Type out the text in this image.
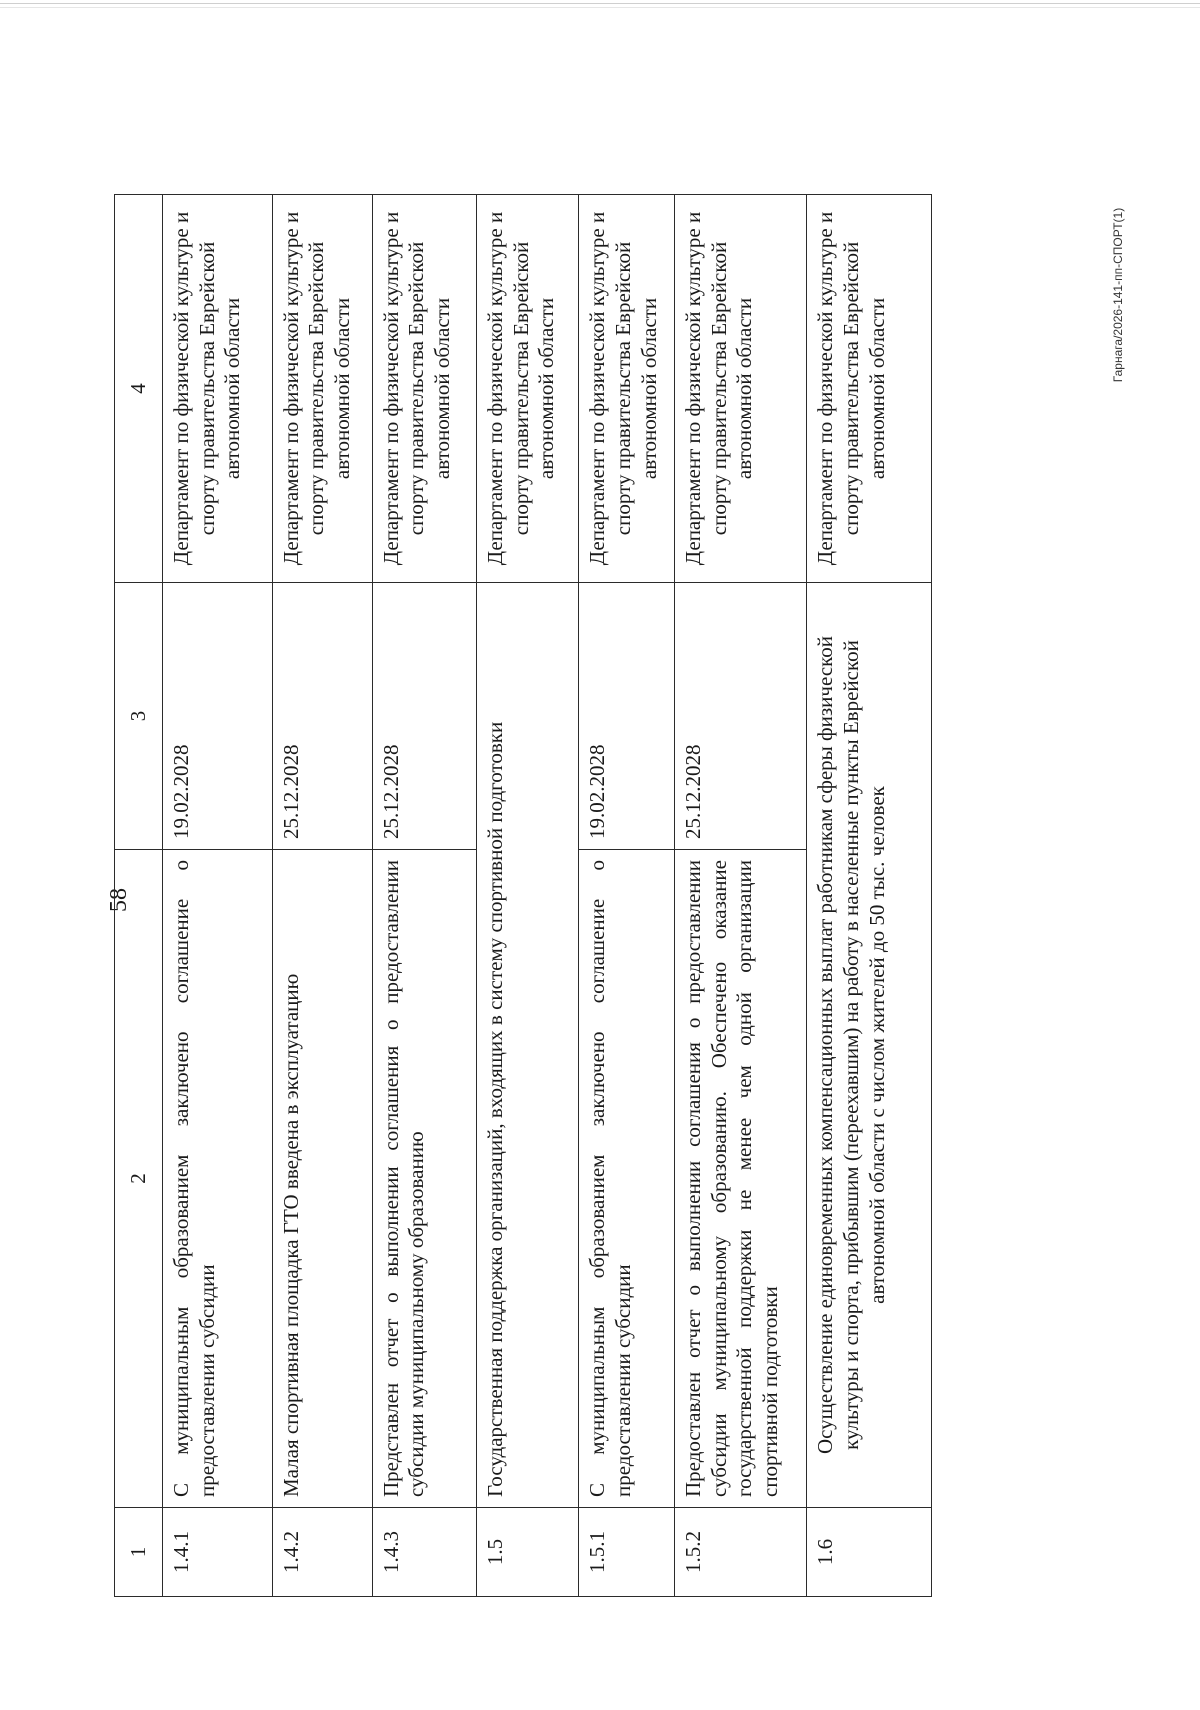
58
1	2	3	4
1.4.1	С муниципальным образованием заключено соглашение о предоставлении субсидии	19.02.2028	Департамент по физической культуре и спорту правительства Еврейской автономной области
1.4.2	Малая спортивная площадка ГТО введена в эксплуатацию	25.12.2028	Департамент по физической культуре и спорту правительства Еврейской автономной области
1.4.3	Представлен отчет о выполнении соглашения о предоставлении субсидии муниципальному образованию	25.12.2028	Департамент по физической культуре и спорту правительства Еврейской автономной области
1.5	Государственная поддержка организаций, входящих в систему спортивной подготовки		Департамент по физической культуре и спорту правительства Еврейской автономной области
1.5.1	С муниципальным образованием заключено соглашение о предоставлении субсидии	19.02.2028	Департамент по физической культуре и спорту правительства Еврейской автономной области
1.5.2	Предоставлен отчет о выполнении соглашения о предоставлении субсидии муниципальному образованию. Обеспечено оказание государственной поддержки не менее чем одной организации спортивной подготовки	25.12.2028	Департамент по физической культуре и спорту правительства Еврейской автономной области
1.6	Осуществление единовременных компенсационных выплат работникам сферы физической культуры и спорта, прибывшим (переехавшим) на работу в населенные пункты Еврейской автономной области с числом жителей до 50 тыс. человек		Департамент по физической культуре и спорту правительства Еврейской автономной области
Гарнага/2026-141-пп-СПОРТ(1)
